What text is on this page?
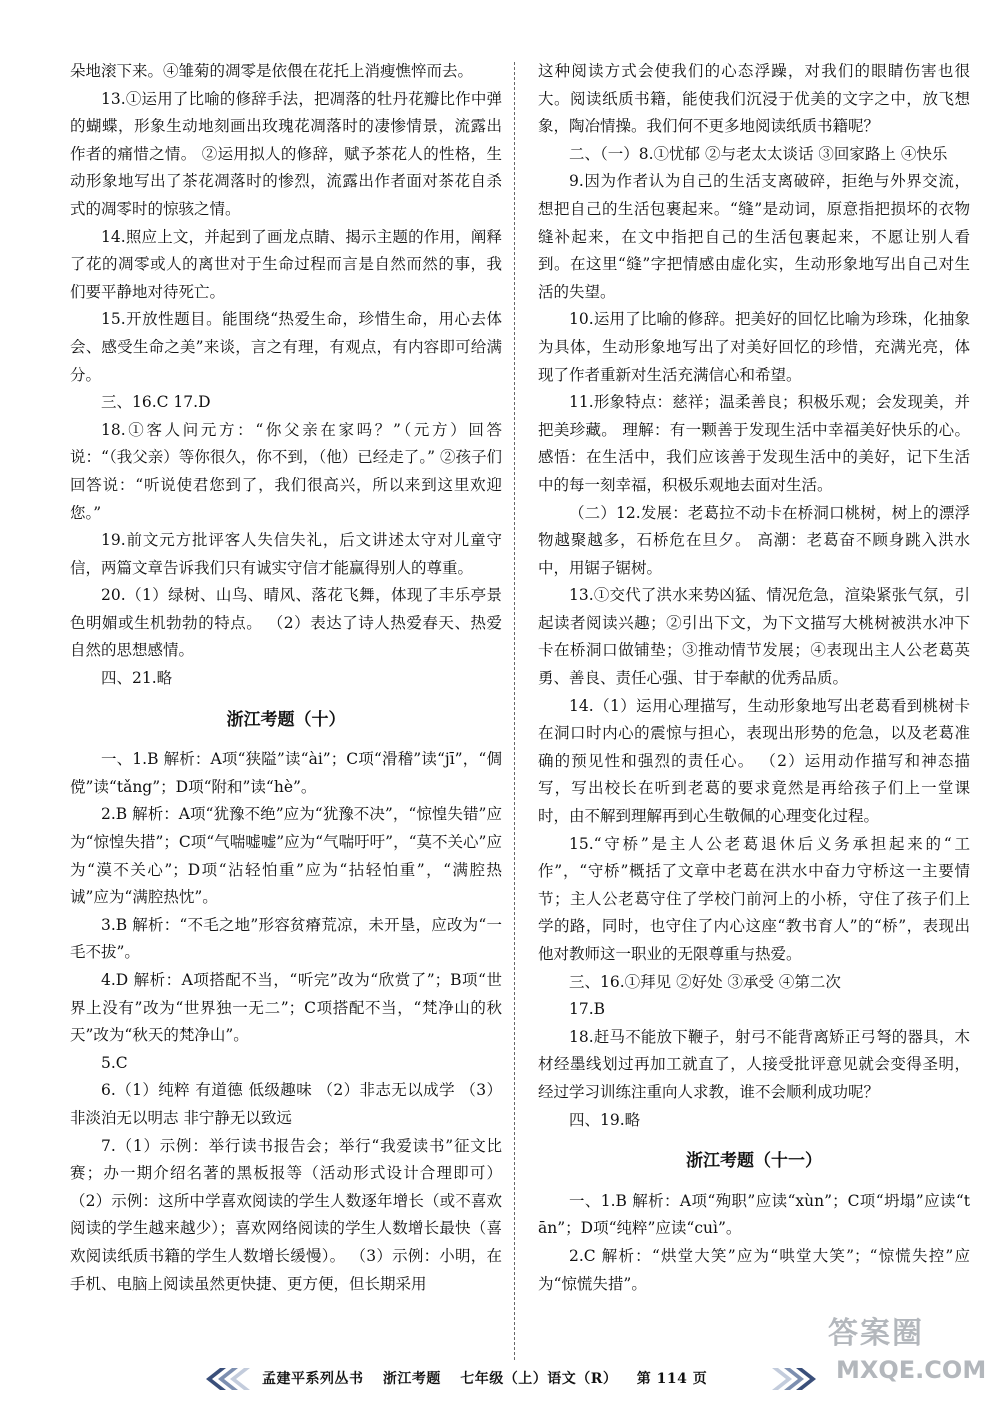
朵地滚下来。④雏菊的凋零是依偎在花托上消瘦憔悴而去。

13.①运用了比喻的修辞手法，把凋落的牡丹花瓣比作中弹的蝴蝶，形象生动地刻画出玫瑰花凋落时的凄惨情景，流露出作者的痛惜之情。 ②运用拟人的修辞，赋予茶花人的性格，生动形象地写出了茶花凋落时的惨烈，流露出作者面对茶花自杀式的凋零时的惊骇之情。

14.照应上文，并起到了画龙点睛、揭示主题的作用，阐释了花的凋零或人的离世对于生命过程而言是自然而然的事，我们要平静地对待死亡。

15.开放性题目。能围绕“热爱生命，珍惜生命，用心去体会、感受生命之美”来谈，言之有理，有观点，有内容即可给满分。

三、16.C 17.D

18.①客人问元方：“你父亲在家吗？”（元方）回答说：“（我父亲）等你很久，你不到，（他）已经走了。” ②孩子们回答说：“听说使君您到了，我们很高兴，所以来到这里欢迎您。”

19.前文元方批评客人失信失礼，后文讲述太守对儿童守信，两篇文章告诉我们只有诚实守信才能赢得别人的尊重。

20.（1）绿树、山鸟、晴风、落花飞舞，体现了丰乐亭景色明媚或生机勃勃的特点。 （2）表达了诗人热爱春天、热爱自然的思想感情。

四、21.略

浙江考题（十）

一、1.B 解析：A项“狭隘”读“ài”；C项“滑稽”读“jī”，“倜傥”读“tǎng”；D项“附和”读“hè”。

2.B 解析：A项“犹豫不绝”应为“犹豫不决”，“惊惶失错”应为“惊惶失措”；C项“气喘嘘嘘”应为“气喘吁吁”，“莫不关心”应为“漠不关心”；D项“沾轻怕重”应为“拈轻怕重”，“满腔热诚”应为“满腔热忱”。

3.B 解析：“不毛之地”形容贫瘠荒凉，未开垦，应改为“一毛不拔”。

4.D 解析：A项搭配不当，“听完”改为“欣赏了”；B项“世界上没有”改为“世界独一无二”；C项搭配不当，“梵净山的秋天”改为“秋天的梵净山”。

5.C

6.（1）纯粹 有道德 低级趣味 （2）非志无以成学 （3）非淡泊无以明志 非宁静无以致远

7.（1）示例：举行读书报告会；举行“我爱读书”征文比赛；办一期介绍名著的黑板报等（活动形式设计合理即可） （2）示例：这所中学喜欢阅读的学生人数逐年增长（或不喜欢阅读的学生越来越少）；喜欢网络阅读的学生人数增长最快（喜欢阅读纸质书籍的学生人数增长缓慢）。 （3）示例：小明，在手机、电脑上阅读虽然更快捷、更方便，但长期采用

这种阅读方式会使我们的心态浮躁，对我们的眼睛伤害也很大。阅读纸质书籍，能使我们沉浸于优美的文字之中，放飞想象，陶冶情操。我们何不更多地阅读纸质书籍呢？

二、（一）8.①忧郁 ②与老太太谈话 ③回家路上 ④快乐

9.因为作者认为自己的生活支离破碎，拒绝与外界交流，想把自己的生活包裹起来。“缝”是动词，原意指把损坏的衣物缝补起来，在文中指把自己的生活包裹起来，不愿让别人看到。在这里“缝”字把情感由虚化实，生动形象地写出自己对生活的失望。

10.运用了比喻的修辞。把美好的回忆比喻为珍珠，化抽象为具体，生动形象地写出了对美好回忆的珍惜，充满光亮，体现了作者重新对生活充满信心和希望。

11.形象特点：慈祥；温柔善良；积极乐观；会发现美，并把美珍藏。 理解：有一颗善于发现生活中幸福美好快乐的心。 感悟：在生活中，我们应该善于发现生活中的美好，记下生活中的每一刻幸福，积极乐观地去面对生活。

（二）12.发展：老葛拉不动卡在桥洞口桃树，树上的漂浮物越聚越多，石桥危在旦夕。 高潮：老葛奋不顾身跳入洪水中，用锯子锯树。

13.①交代了洪水来势凶猛、情况危急，渲染紧张气氛，引起读者阅读兴趣；②引出下文，为下文描写大桃树被洪水冲下卡在桥洞口做铺垫；③推动情节发展；④表现出主人公老葛英勇、善良、责任心强、甘于奉献的优秀品质。

14.（1）运用心理描写，生动形象地写出老葛看到桃树卡在洞口时内心的震惊与担心，表现出形势的危急，以及老葛准确的预见性和强烈的责任心。 （2）运用动作描写和神态描写，写出校长在听到老葛的要求竟然是再给孩子们上一堂课时，由不解到理解再到心生敬佩的心理变化过程。

15.“守桥”是主人公老葛退休后义务承担起来的“工作”，“守桥”概括了文章中老葛在洪水中奋力守桥这一主要情节；主人公老葛守住了学校门前河上的小桥，守住了孩子们上学的路，同时，也守住了内心这座“教书育人”的“桥”，表现出他对教师这一职业的无限尊重与热爱。

三、16.①拜见 ②好处 ③承受 ④第二次

17.B

18.赶马不能放下鞭子，射弓不能背离矫正弓弩的器具，木材经墨线划过再加工就直了，人接受批评意见就会变得圣明，经过学习训练注重向人求教，谁不会顺利成功呢？

四、19.略

浙江考题（十一）

一、1.B 解析：A项“殉职”应读“xùn”；C项“坍塌”应读“tān”；D项“纯粹”应读“cuì”。

2.C 解析：“烘堂大笑”应为“哄堂大笑”；“惊慌失控”应为“惊慌失措”。

孟建平系列丛书 浙江考题 七年级（上）语文（R） 第 114 页
答案圈
MXQE.COM
